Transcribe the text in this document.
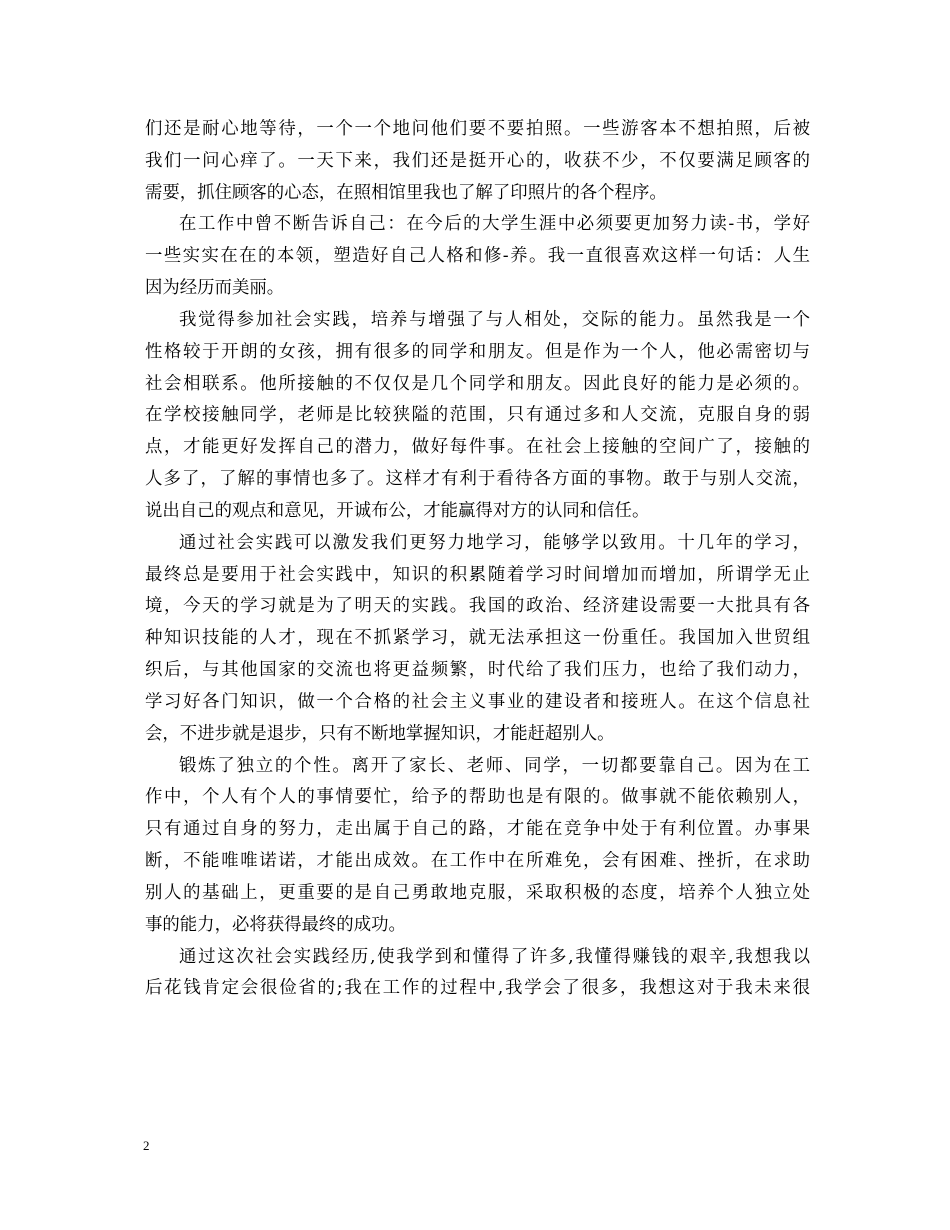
们还是耐心地等待，一个一个地问他们要不要拍照。一些游客本不想拍照，后被
我们一问心痒了。一天下来，我们还是挺开心的，收获不少，不仅要满足顾客的
需要，抓住顾客的心态，在照相馆里我也了解了印照片的各个程序。
在工作中曾不断告诉自己：在今后的大学生涯中必须要更加努力读-书，学好
一些实实在在的本领，塑造好自己人格和修-养。我一直很喜欢这样一句话：人生
因为经历而美丽。
我觉得参加社会实践，培养与增强了与人相处，交际的能力。虽然我是一个
性格较于开朗的女孩，拥有很多的同学和朋友。但是作为一个人，他必需密切与
社会相联系。他所接触的不仅仅是几个同学和朋友。因此良好的能力是必须的。
在学校接触同学，老师是比较狭隘的范围，只有通过多和人交流，克服自身的弱
点，才能更好发挥自己的潜力，做好每件事。在社会上接触的空间广了，接触的
人多了，了解的事情也多了。这样才有利于看待各方面的事物。敢于与别人交流，
说出自己的观点和意见，开诚布公，才能赢得对方的认同和信任。
通过社会实践可以激发我们更努力地学习，能够学以致用。十几年的学习，
最终总是要用于社会实践中，知识的积累随着学习时间增加而增加，所谓学无止
境，今天的学习就是为了明天的实践。我国的政治、经济建设需要一大批具有各
种知识技能的人才，现在不抓紧学习，就无法承担这一份重任。我国加入世贸组
织后，与其他国家的交流也将更益频繁，时代给了我们压力，也给了我们动力，
学习好各门知识，做一个合格的社会主义事业的建设者和接班人。在这个信息社
会，不进步就是退步，只有不断地掌握知识，才能赶超别人。
锻炼了独立的个性。离开了家长、老师、同学，一切都要靠自己。因为在工
作中，个人有个人的事情要忙，给予的帮助也是有限的。做事就不能依赖别人，
只有通过自身的努力，走出属于自己的路，才能在竞争中处于有利位置。办事果
断，不能唯唯诺诺，才能出成效。在工作中在所难免，会有困难、挫折，在求助
别人的基础上，更重要的是自己勇敢地克服，采取积极的态度，培养个人独立处
事的能力，必将获得最终的成功。
通过这次社会实践经历,使我学到和懂得了许多,我懂得赚钱的艰辛,我想我以
后花钱肯定会很俭省的;我在工作的过程中,我学会了很多，我想这对于我未来很
2
